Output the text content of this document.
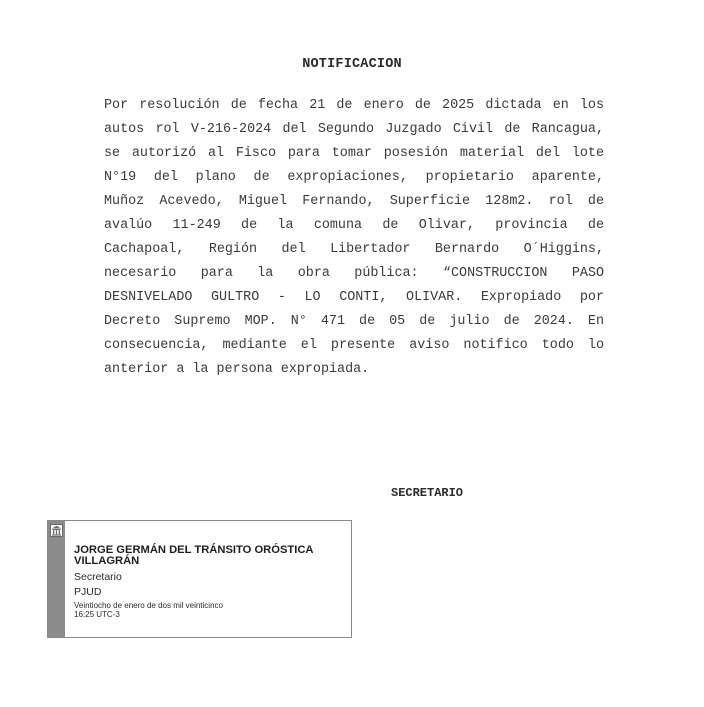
NOTIFICACION
Por resolución de fecha 21 de enero de 2025 dictada en los
autos rol V-216-2024 del Segundo Juzgado Civil de Rancagua,
se autorizó al Fisco para tomar posesión material del lote
N°19 del plano de expropiaciones, propietario aparente,
Muñoz Acevedo, Miguel Fernando, Superficie 128m2. rol de
avalúo 11-249 de la comuna de Olivar, provincia de
Cachapoal, Región del Libertador Bernardo O´Higgins,
necesario para la obra pública: “CONSTRUCCION PASO
DESNIVELADO GULTRO - LO CONTI, OLIVAR. Expropiado por
Decreto Supremo MOP. N° 471 de 05 de julio de 2024. En
consecuencia, mediante el presente aviso notifico todo lo
anterior a la persona expropiada.
SECRETARIO
JORGE GERMÁN DEL TRÁNSITO ORÓSTICA VILLAGRÁN
Secretario
PJUD
Veintiocho de enero de dos mil veinticinco
16:25 UTC-3
